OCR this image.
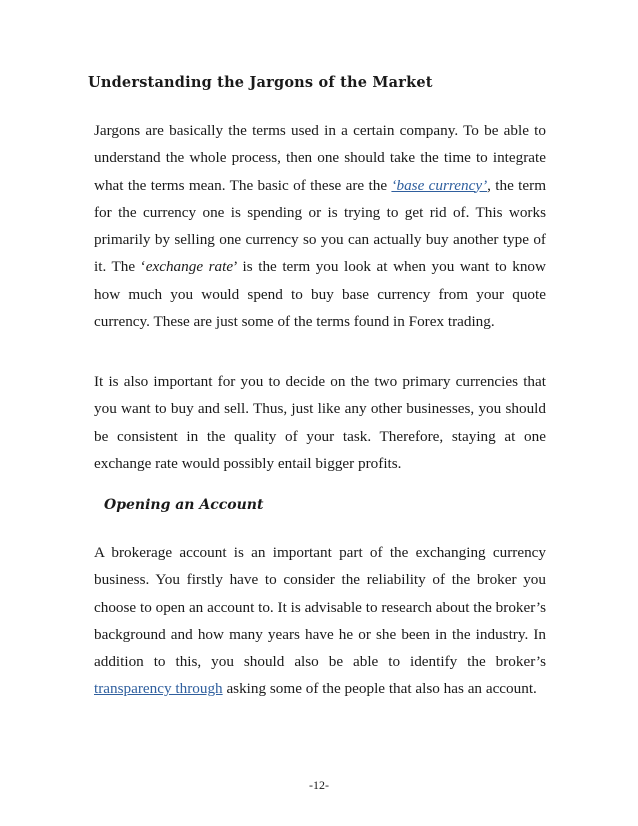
Understanding the Jargons of the Market

Jargons are basically the terms used in a certain company. To be able to understand the whole process, then one should take the time to integrate what the terms mean. The basic of these are the ‘base currency’, the term for the currency one is spending or is trying to get rid of. This works primarily by selling one currency so you can actually buy another type of it. The ‘exchange rate’ is the term you look at when you want to know how much you would spend to buy base currency from your quote currency. These are just some of the terms found in Forex trading.

It is also important for you to decide on the two primary currencies that you want to buy and sell. Thus, just like any other businesses, you should be consistent in the quality of your task. Therefore, staying at one exchange rate would possibly entail bigger profits.

Opening an Account

A brokerage account is an important part of the exchanging currency business. You firstly have to consider the reliability of the broker you choose to open an account to. It is advisable to research about the broker’s background and how many years have he or she been in the industry. In addition to this, you should also be able to identify the broker’s transparency through asking some of the people that also has an account.

-12-
